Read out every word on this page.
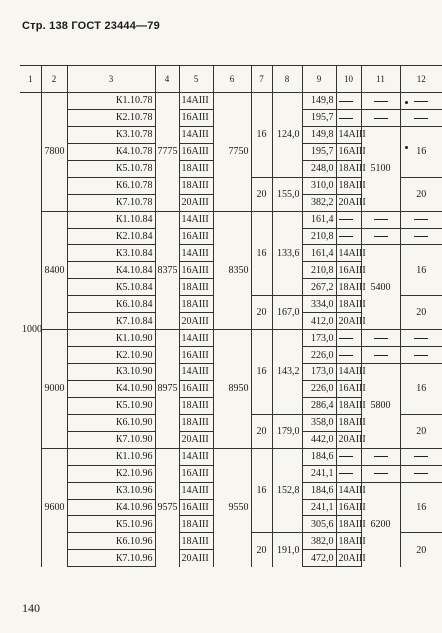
Стр. 138 ГОСТ 23444—79
1	2	3	4	5	6	7	8	9	10	11	12
1000	7800	К1.10.78	7775	14AIII	7750	16	124,0	149,8			
		К2.10.78		16AIII				195,7			
		К3.10.78		14AIII				149,8	14AIII	5100	16
		К4.10.78		16AIII				195,7	16AIII		
		К5.10.78		18AIII				248,0	18AIII		
		К6.10.78		18AIII		20	155,0	310,0	18AIII		20
		К7.10.78		20AIII				382,2	20AIII		
	8400	К1.10.84	8375	14AIII	8350	16	133,6	161,4			
		К2.10.84		16AIII				210,8			
		К3.10.84		14AIII				161,4	14AIII	5400	16
		К4.10.84		16AIII				210,8	16AIII		
		К5.10.84		18AIII				267,2	18AIII		
		К6.10.84		18AIII		20	167,0	334,0	18AIII		20
		К7.10.84		20AIII				412,0	20AIII		
	9000	К1.10.90	8975	14AIII	8950	16	143,2	173,0			
		К2.10.90		16AIII				226,0			
		К3.10.90		14AIII				173,0	14AIII	5800	16
		К4.10.90		16AIII				226,0	16AIII		
		К5.10.90		18AIII				286,4	18AIII		
		К6.10.90		18AIII		20	179,0	358,0	18AIII		20
		К7.10.90		20AIII				442,0	20AIII		
	9600	К1.10.96	9575	14AIII	9550	16	152,8	184,6			
		К2.10.96		16AIII				241,1			
		К3.10.96		14AIII				184,6	14AIII	6200	16
		К4.10.96		16AIII				241,1	16AIII		
		К5.10.96		18AIII				305,6	18AIII		
		К6.10.96		18AIII		20	191,0	382,0	18AIII		20
		К7.10.96		20AIII				472,0	20AIII		
140
